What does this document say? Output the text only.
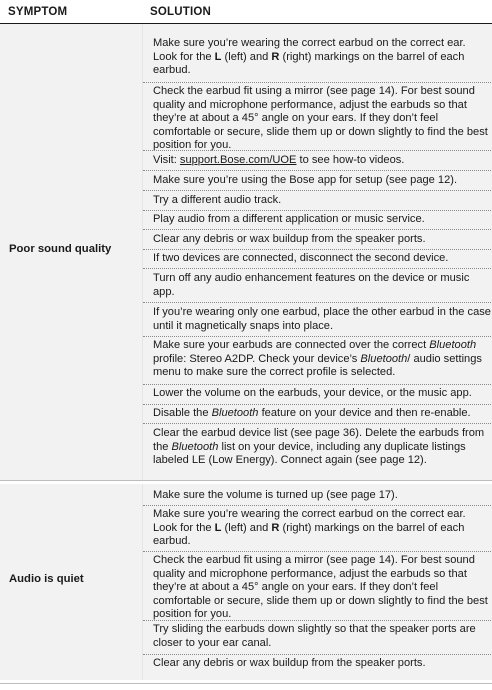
SYMPTOM	SOLUTION
Poor sound quality
Make sure you’re wearing the correct earbud on the correct ear. Look for the L (left) and R (right) markings on the barrel of each earbud.
Check the earbud fit using a mirror (see page 14). For best sound quality and microphone performance, adjust the earbuds so that they’re at about a 45° angle on your ears. If they don’t feel comfortable or secure, slide them up or down slightly to find the best position for you.
Visit: support.Bose.com/UOE to see how-to videos.
Make sure you’re using the Bose app for setup (see page 12).
Try a different audio track.
Play audio from a different application or music service.
Clear any debris or wax buildup from the speaker ports.
If two devices are connected, disconnect the second device.
Turn off any audio enhancement features on the device or music app.
If you’re wearing only one earbud, place the other earbud in the case until it magnetically snaps into place.
Make sure your earbuds are connected over the correct Bluetooth profile: Stereo A2DP. Check your device’s Bluetooth/ audio settings menu to make sure the correct profile is selected.
Lower the volume on the earbuds, your device, or the music app.
Disable the Bluetooth feature on your device and then re-enable.
Clear the earbud device list (see page 36). Delete the earbuds from the Bluetooth list on your device, including any duplicate listings labeled LE (Low Energy). Connect again (see page 12).
Audio is quiet
Make sure the volume is turned up (see page 17).
Make sure you’re wearing the correct earbud on the correct ear. Look for the L (left) and R (right) markings on the barrel of each earbud.
Check the earbud fit using a mirror (see page 14). For best sound quality and microphone performance, adjust the earbuds so that they’re at about a 45° angle on your ears. If they don’t feel comfortable or secure, slide them up or down slightly to find the best position for you.
Try sliding the earbuds down slightly so that the speaker ports are closer to your ear canal.
Clear any debris or wax buildup from the speaker ports.
